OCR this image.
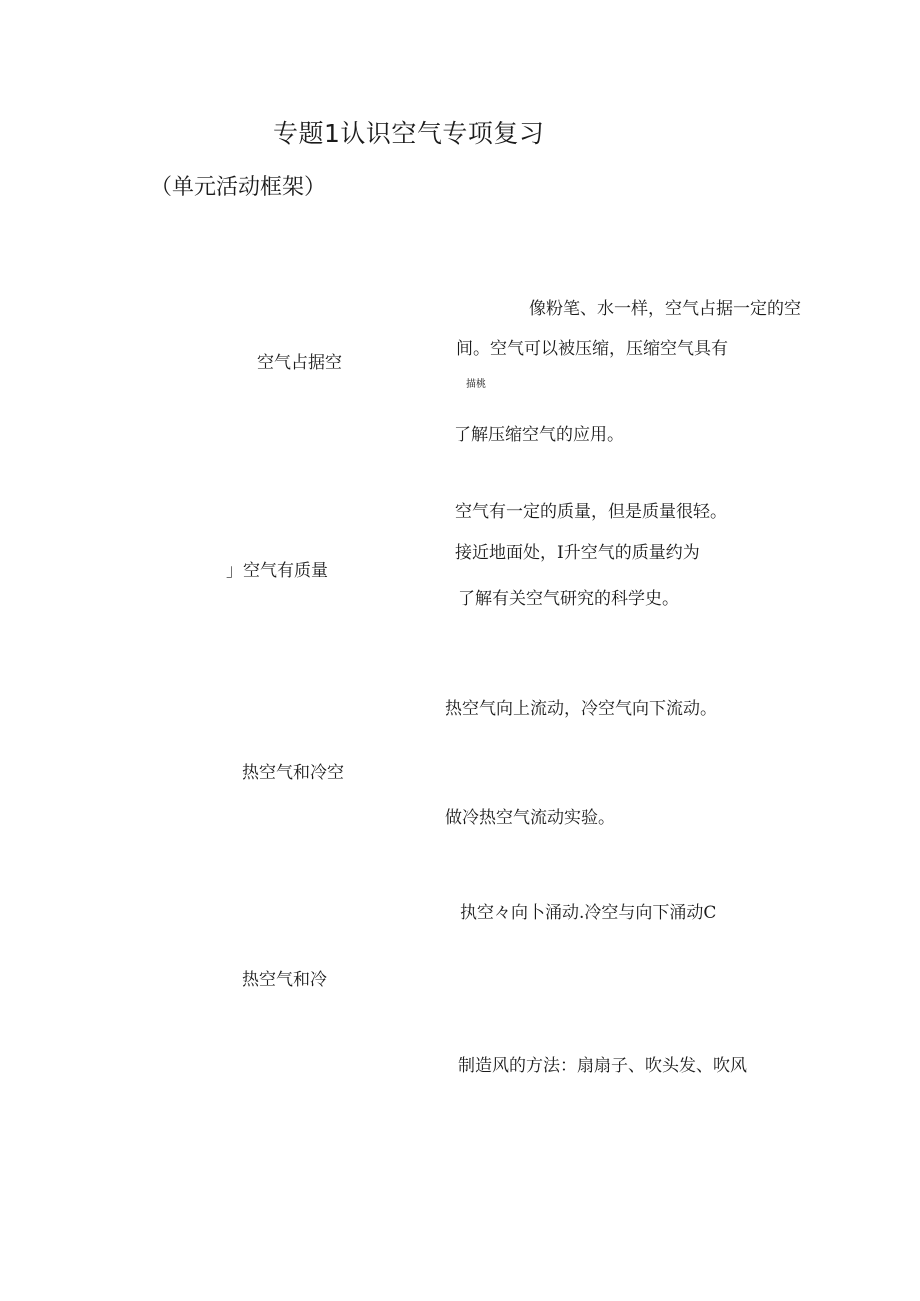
专题1认识空气专项复习
（单元活动框架）
空气占据空
像粉笔、水一样，空气占据一定的空
间。空气可以被压缩，压缩空气具有
描桃
了解压缩空气的应用。
」空气有质量
空气有一定的质量，但是质量很轻。
接近地面处，I升空气的质量约为
了解有关空气研究的科学史。
热空气和冷空
热空气向上流动，冷空气向下流动。
做冷热空气流动实验。
热空气和冷
执空々向卜涌动.冷空与向下涌动C
制造风的方法：扇扇子、吹头发、吹风
